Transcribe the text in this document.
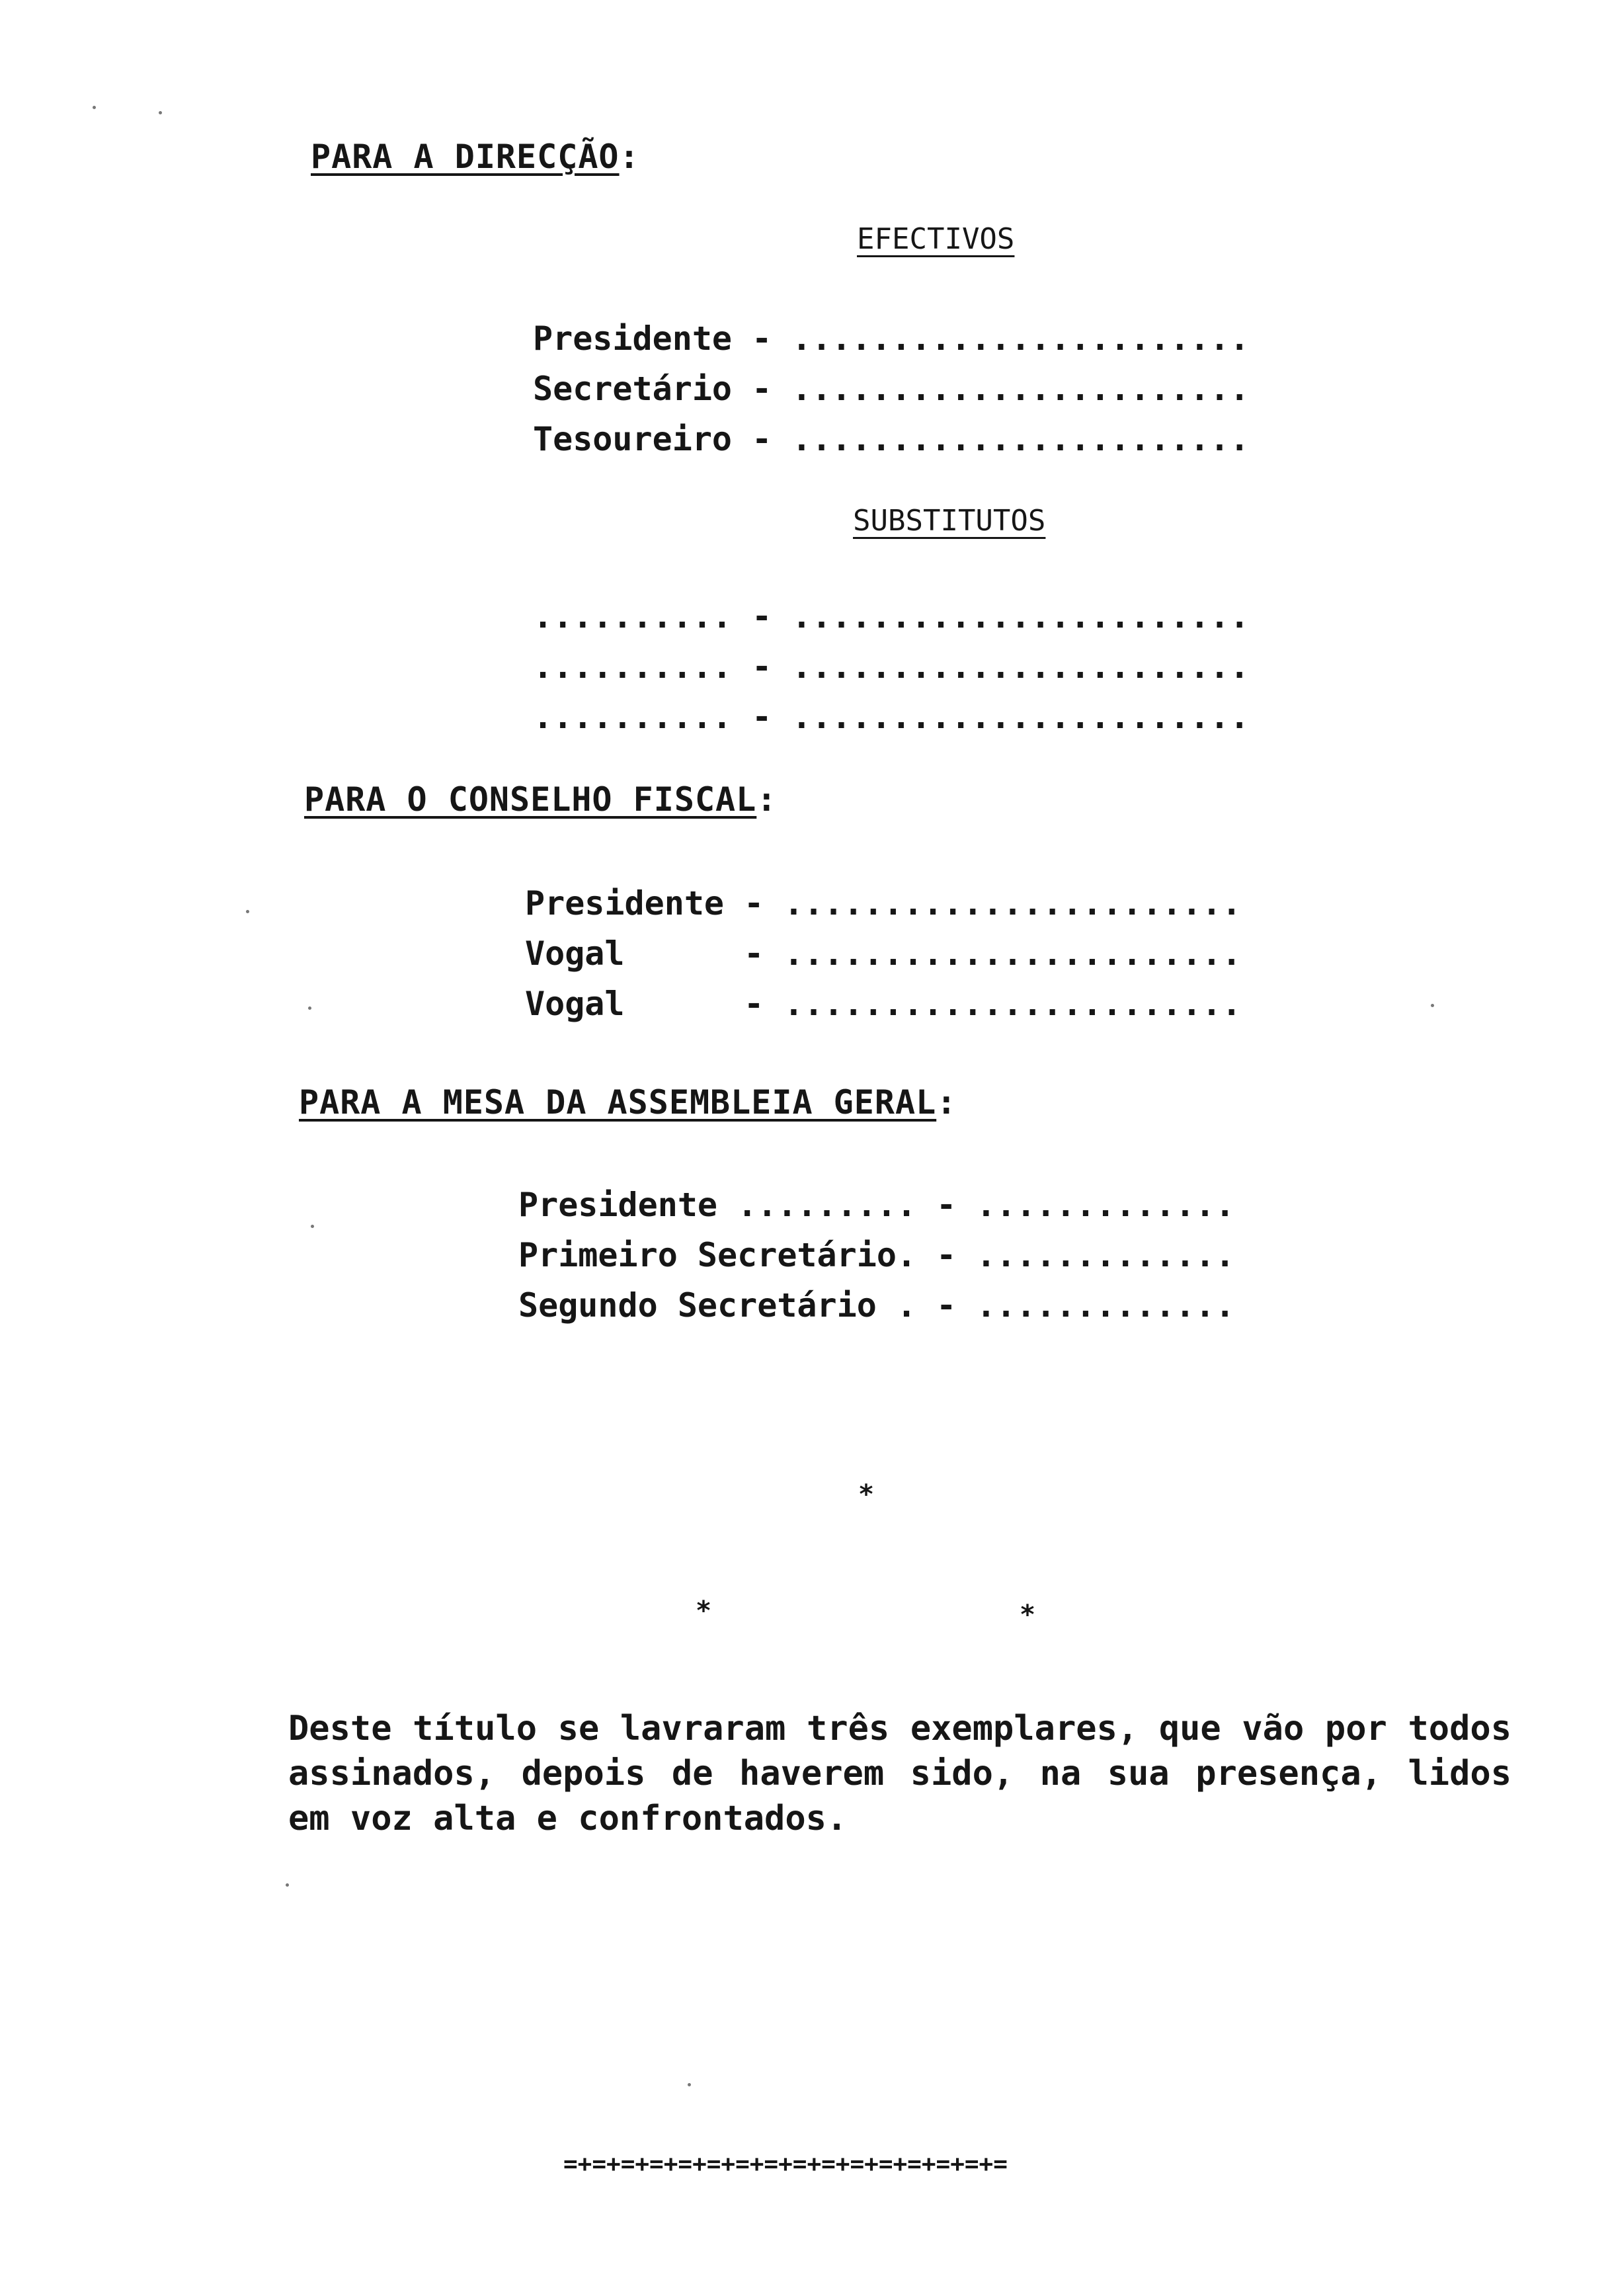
PARA A DIRECÇÃO:
EFECTIVOS
Presidente - .......................
Secretário - .......................
Tesoureiro - .......................
SUBSTITUTOS
.......... - .......................
.......... - .......................
.......... - .......................
PARA O CONSELHO FISCAL:
Presidente - .......................
Vogal      - .......................
Vogal      - .......................
PARA A MESA DA ASSEMBLEIA GERAL:
Presidente ......... - .............
Primeiro Secretário. - .............
Segundo Secretário . - .............
*
*	*
Deste título se lavraram três exemplares, que vão por todos assinados, depois de haverem sido, na sua presença, lidos em voz alta e confrontados.
=+=+=+=+=+=+=+=+=+=+=+=+=+=+=+=
